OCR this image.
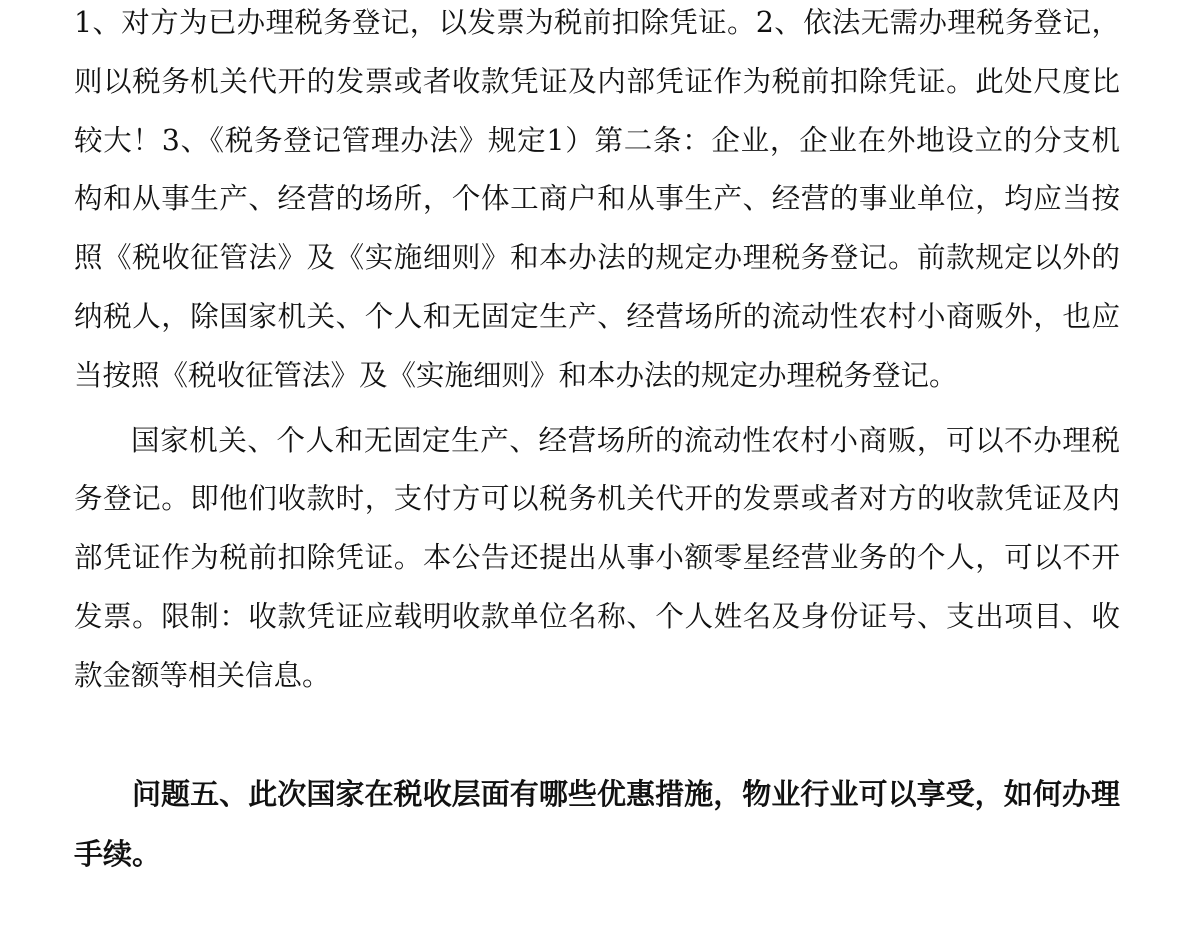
1、对方为已办理税务登记，以发票为税前扣除凭证。2、依法无需办理税务登记，则以税务机关代开的发票或者收款凭证及内部凭证作为税前扣除凭证。此处尺度比较大！3、《税务登记管理办法》规定1）第二条：企业，企业在外地设立的分支机构和从事生产、经营的场所，个体工商户和从事生产、经营的事业单位，均应当按照《税收征管法》及《实施细则》和本办法的规定办理税务登记。前款规定以外的纳税人，除国家机关、个人和无固定生产、经营场所的流动性农村小商贩外，也应当按照《税收征管法》及《实施细则》和本办法的规定办理税务登记。

国家机关、个人和无固定生产、经营场所的流动性农村小商贩，可以不办理税务登记。即他们收款时，支付方可以税务机关代开的发票或者对方的收款凭证及内部凭证作为税前扣除凭证。本公告还提出从事小额零星经营业务的个人，可以不开发票。限制：收款凭证应载明收款单位名称、个人姓名及身份证号、支出项目、收款金额等相关信息。

问题五、此次国家在税收层面有哪些优惠措施，物业行业可以享受，如何办理手续。
